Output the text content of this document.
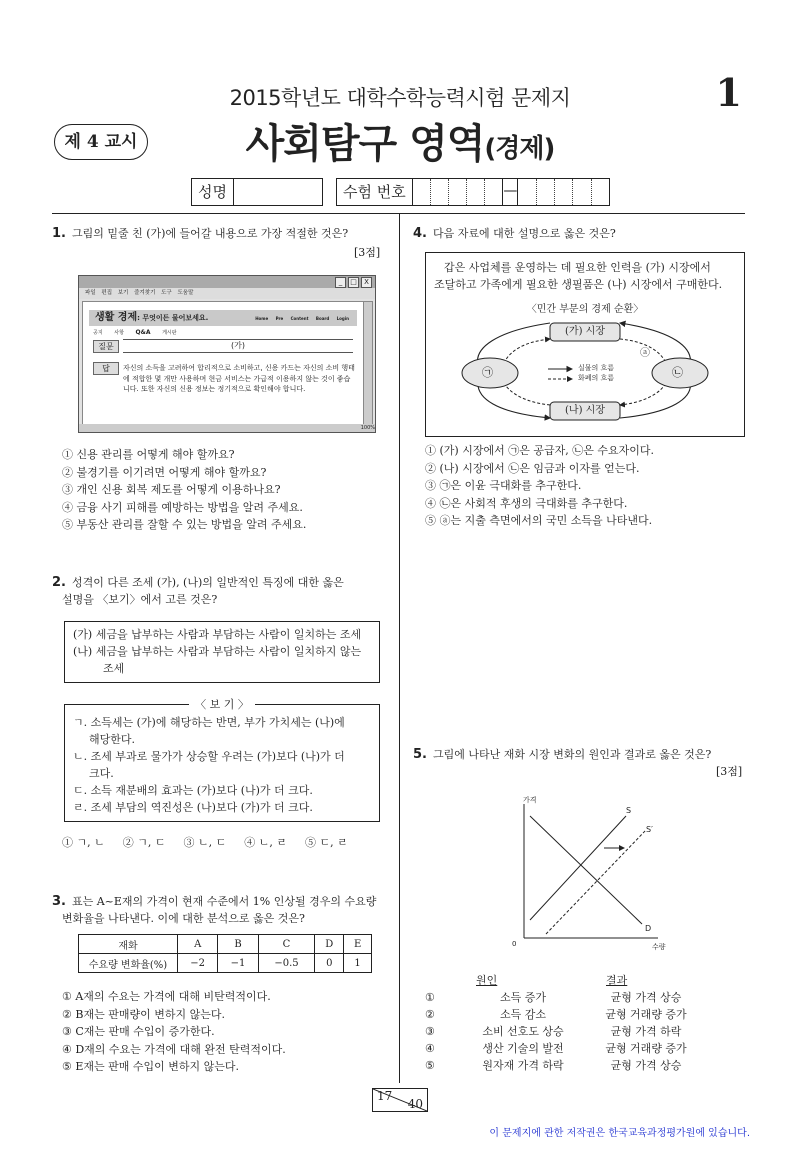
2015학년도 대학수학능력시험 문제지	1
제 4 교시	사회탐구 영역(경제)
성명	수험 번호	—
1. 그림의 밑줄 친 (가)에 들어갈 내용으로 가장 적절한 것은?
[3점]
_	□	X
파일 편집 보기 즐겨찾기 도구 도움말
생활 경제: 무엇이든 물어보세요.	Home Pre Content Board Login
공지 사항 Q&A 게시판
질문	(가)
답	자신의 소득을 고려하여 합리적으로 소비하고, 신용 카드는 자신의 소비 행태에 적합한 몇 개만 사용하며 현금 서비스는 가급적 이용하지 않는 것이 좋습니다. 또한 자신의 신용 정보는 정기적으로 확인해야 합니다.
100%
① 신용 관리를 어떻게 해야 할까요?
② 불경기를 이기려면 어떻게 해야 할까요?
③ 개인 신용 회복 제도를 어떻게 이용하나요?
④ 금융 사기 피해를 예방하는 방법을 알려 주세요.
⑤ 부동산 관리를 잘할 수 있는 방법을 알려 주세요.
2. 성격이 다른 조세 (가), (나)의 일반적인 특징에 대한 옳은
설명을 〈보기〉에서 고른 것은?
(가) 세금을 납부하는 사람과 부담하는 사람이 일치하는 조세
(나) 세금을 납부하는 사람과 부담하는 사람이 일치하지 않는
조세
〈 보 기 〉
ㄱ. 소득세는 (가)에 해당하는 반면, 부가 가치세는 (나)에
해당한다.
ㄴ. 조세 부과로 물가가 상승할 우려는 (가)보다 (나)가 더
크다.
ㄷ. 소득 재분배의 효과는 (가)보다 (나)가 더 크다.
ㄹ. 조세 부담의 역진성은 (나)보다 (가)가 더 크다.
① ㄱ, ㄴ ② ㄱ, ㄷ ③ ㄴ, ㄷ ④ ㄴ, ㄹ ⑤ ㄷ, ㄹ
3. 표는 A~E재의 가격이 현재 수준에서 1% 인상될 경우의 수요량
변화율을 나타낸다. 이에 대한 분석으로 옳은 것은?
재화	A	B	C	D	E
수요량 변화율(%)	−2	−1	−0.5	0	1
① A재의 수요는 가격에 대해 비탄력적이다.
② B재는 판매량이 변하지 않는다.
③ C재는 판매 수입이 증가한다.
④ D재의 수요는 가격에 대해 완전 탄력적이다.
⑤ E재는 판매 수입이 변하지 않는다.
4. 다음 자료에 대한 설명으로 옳은 것은?
갑은 사업체를 운영하는 데 필요한 인력을 (가) 시장에서
조달하고 가족에게 필요한 생필품은 (나) 시장에서 구매한다.
〈민간 부문의 경제 순환〉
(가) 시장
(나) 시장
㉠	㉡
ⓐ
실물의 흐름
화폐의 흐름
① (가) 시장에서 ㉠은 공급자, ㉡은 수요자이다.
② (나) 시장에서 ㉡은 임금과 이자를 얻는다.
③ ㉠은 이윤 극대화를 추구한다.
④ ㉡은 사회적 후생의 극대화를 추구한다.
⑤ ⓐ는 지출 측면에서의 국민 소득을 나타낸다.
5. 그림에 나타난 재화 시장 변화의 원인과 결과로 옳은 것은?
[3점]
가격
수량
0
S
S′
D
원인	결과
①	소득 증가	균형 가격 상승
②	소득 감소	균형 거래량 증가
③	소비 선호도 상승	균형 가격 하락
④	생산 기술의 발전	균형 거래량 증가
⑤	원자재 가격 하락	균형 가격 상승
17
40
이 문제지에 관한 저작권은 한국교육과정평가원에 있습니다.
